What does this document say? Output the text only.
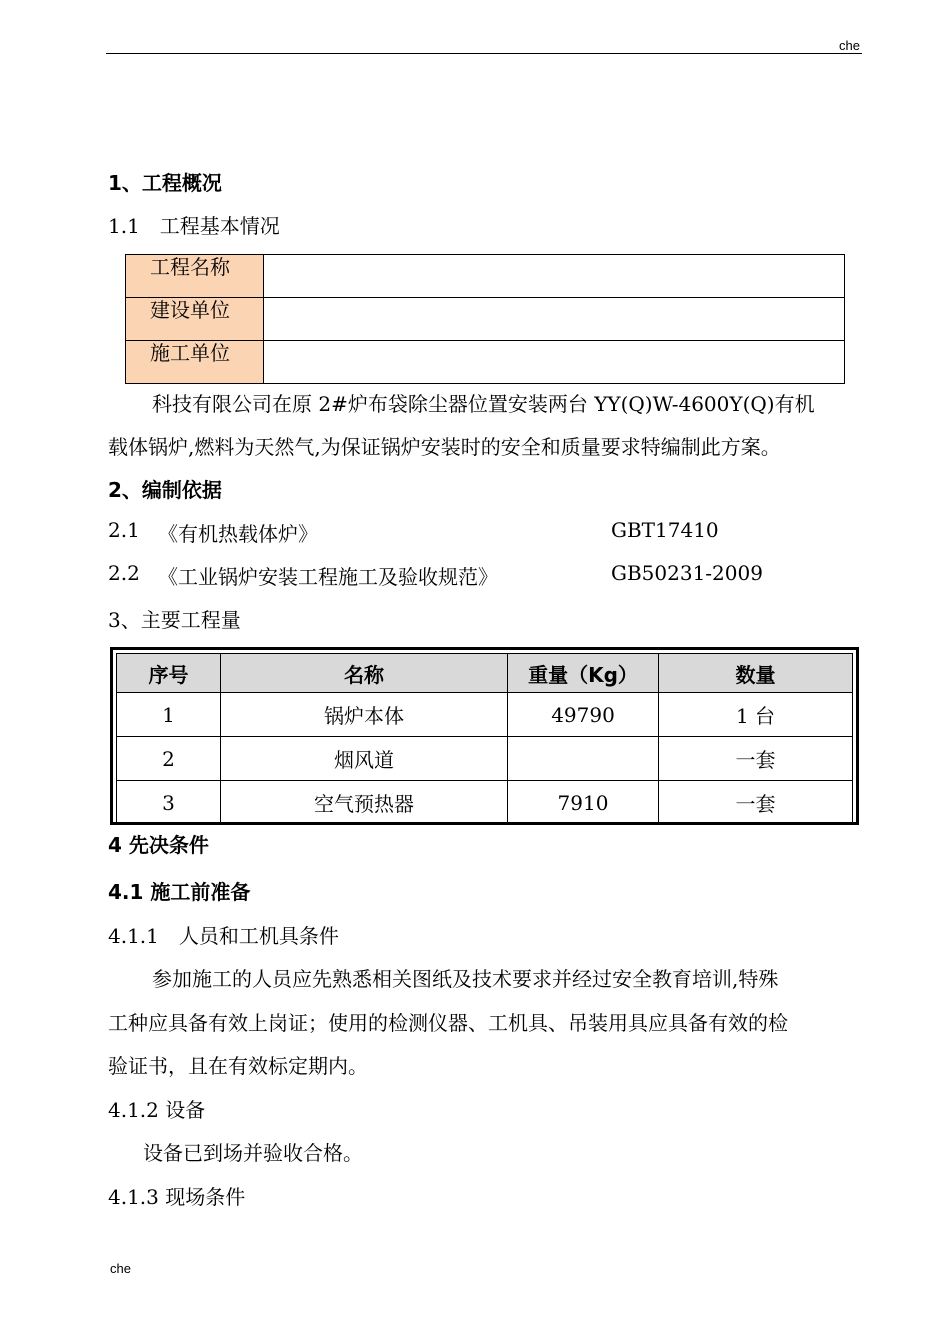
che
1、工程概况
1.1　工程基本情况
工程名称	
建设单位	
施工单位	
科技有限公司在原 2#炉布袋除尘器位置安装两台 YY(Q)W-4600Y(Q)有机
载体锅炉,燃料为天然气,为保证锅炉安装时的安全和质量要求特编制此方案。
2、编制依据
2.1 《有机热载体炉》	GBT17410
2.2 《工业锅炉安装工程施工及验收规范》	GB50231-2009
3、主要工程量
序号	名称	重量（Kg）	数量
1	锅炉本体	49790	1 台
2	烟风道		一套
3	空气预热器	7910	一套
4 先决条件
4.1 施工前准备
4.1.1　人员和工机具条件
参加施工的人员应先熟悉相关图纸及技术要求并经过安全教育培训,特殊
工种应具备有效上岗证；使用的检测仪器、工机具、吊装用具应具备有效的检
验证书，且在有效标定期内。
4.1.2 设备
设备已到场并验收合格。
4.1.3 现场条件
che
